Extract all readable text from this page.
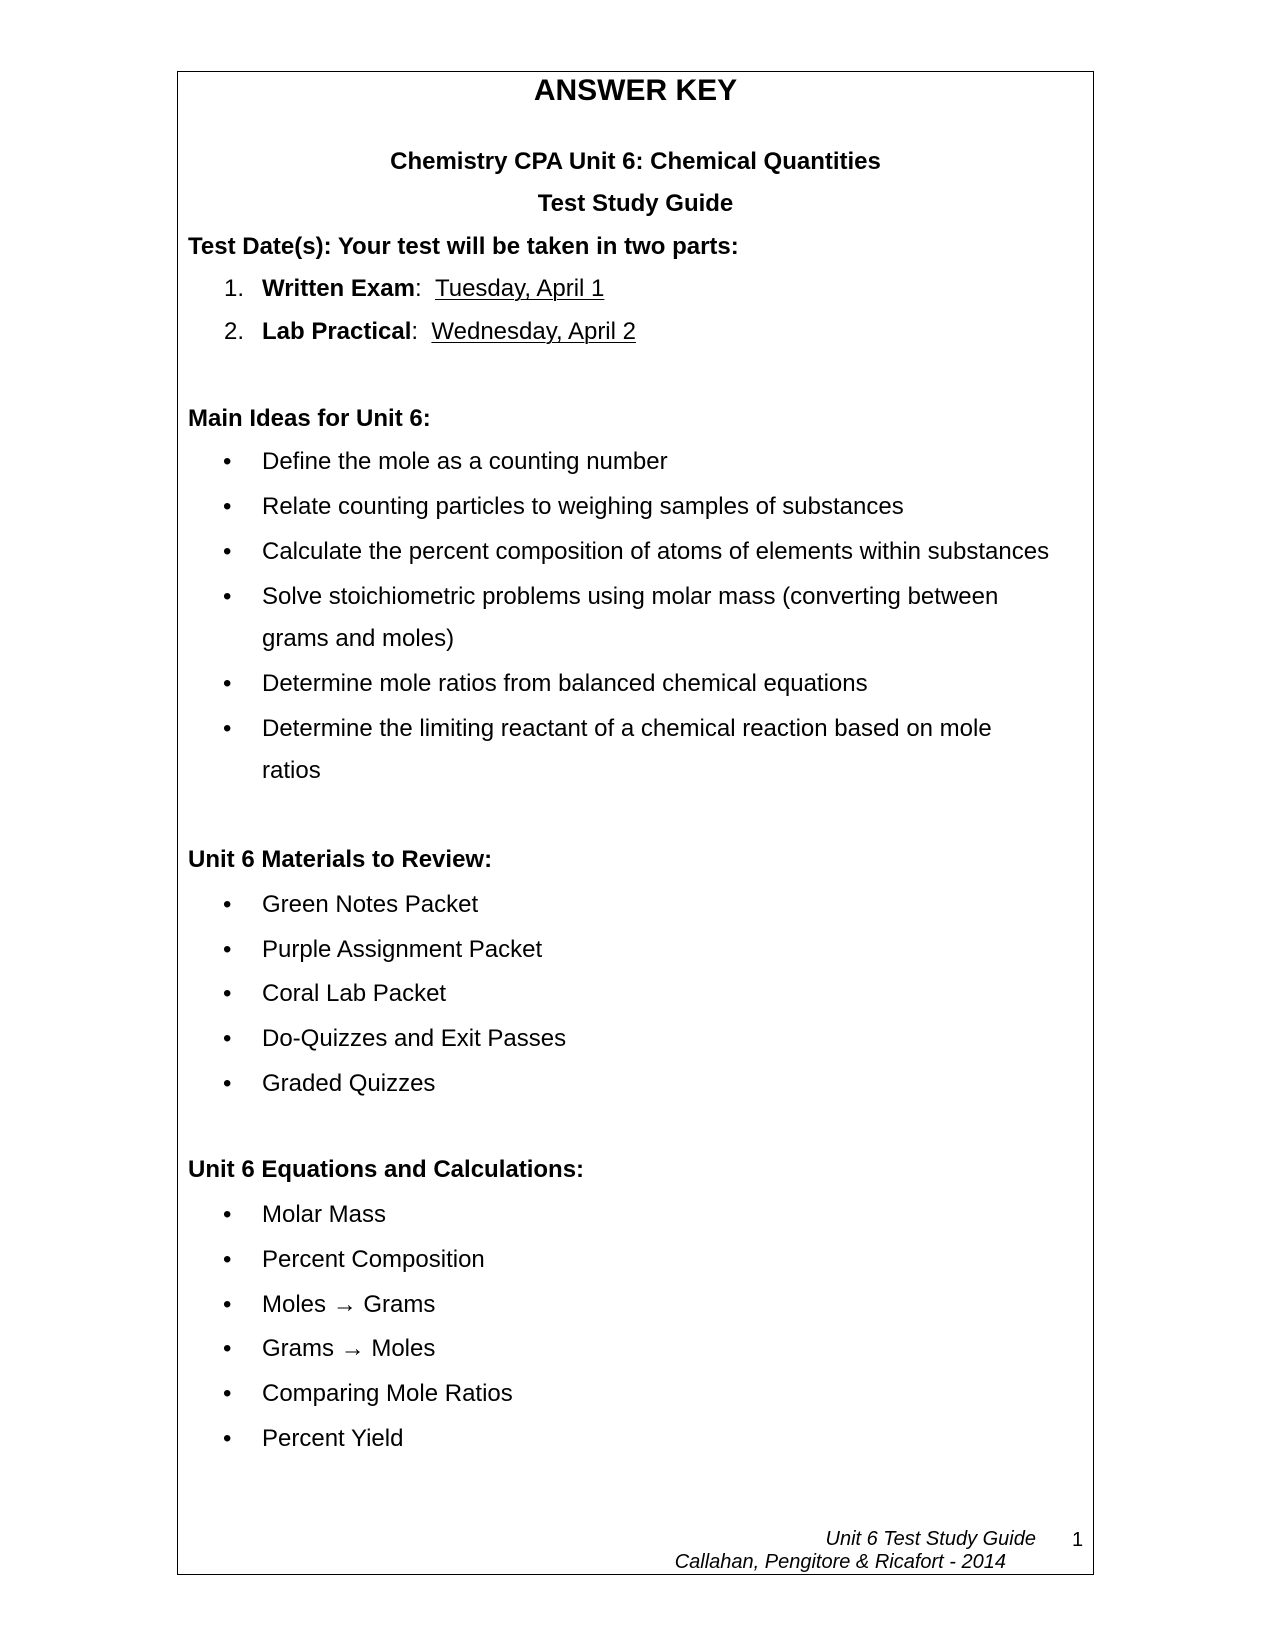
ANSWER KEY
Chemistry CPA Unit 6: Chemical Quantities
Test Study Guide
Test Date(s): Your test will be taken in two parts:
1. Written Exam: Tuesday, April 1
2. Lab Practical: Wednesday, April 2
Main Ideas for Unit 6:
•
Define the mole as a counting number
•
Relate counting particles to weighing samples of substances
•
Calculate the percent composition of atoms of elements within substances
•
Solve stoichiometric problems using molar mass (converting between
grams and moles)
•
Determine mole ratios from balanced chemical equations
•
Determine the limiting reactant of a chemical reaction based on mole
ratios
Unit 6 Materials to Review:
•
Green Notes Packet
•
Purple Assignment Packet
•
Coral Lab Packet
•
Do-Quizzes and Exit Passes
•
Graded Quizzes
Unit 6 Equations and Calculations:
•
Molar Mass
•
Percent Composition
•
Moles → Grams
•
Grams → Moles
•
Comparing Mole Ratios
•
Percent Yield
Unit 6 Test Study Guide 1
Callahan, Pengitore & Ricafort - 2014
